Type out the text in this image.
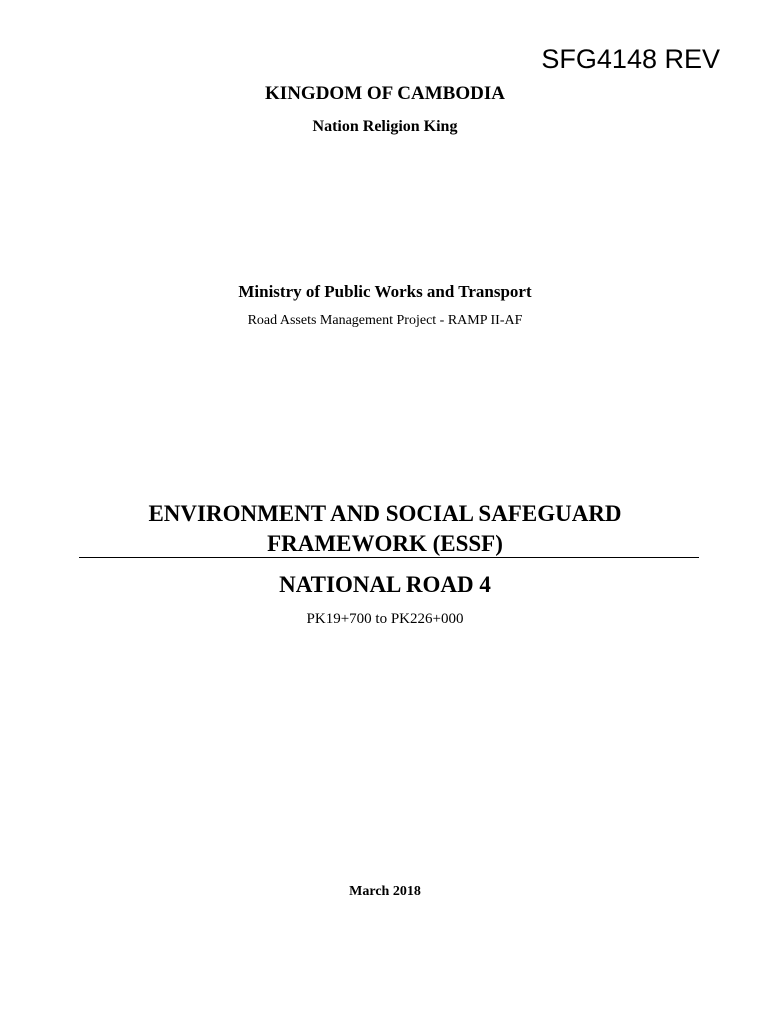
SFG4148 REV
KINGDOM OF CAMBODIA
Nation Religion King
Ministry of Public Works and Transport
Road Assets Management Project - RAMP II-AF
ENVIRONMENT AND SOCIAL SAFEGUARD
FRAMEWORK (ESSF)
NATIONAL ROAD 4
PK19+700 to PK226+000
March 2018
